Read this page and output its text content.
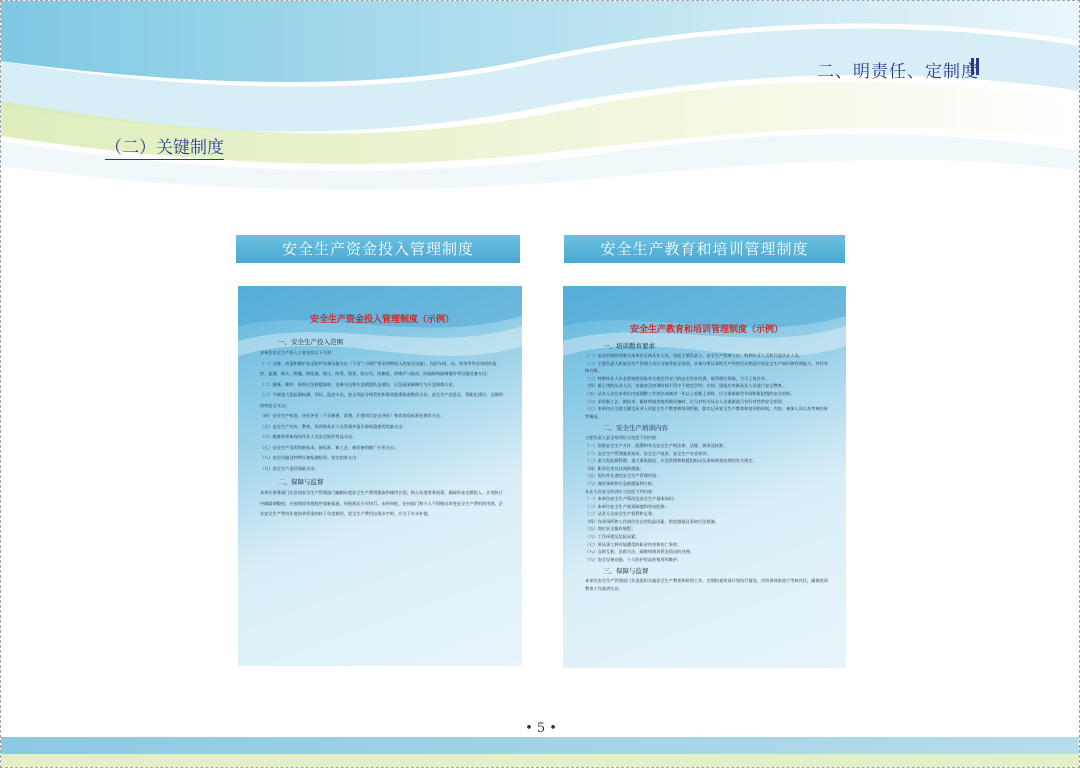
二、明责任、定制度
（二）关键制度
安全生产资金投入管理制度
安全生产资金投入管理制度（示例）
一、安全生产投入范围

本单位安全生产投入主要包括以下方面：

（一）完善、改造和维护安全防护设备设施支出（不含“三同时”要求初期投入的安全设施），包括车间、站、库房等作业场所的监控、监测、防火、防爆、防坠落、防尘、防毒、防雷、防台风、防触电、防噪声与振动、防辐射和隔离操作等设施设备支出；

（二）配备、维护、保养应急救援器材、设备支出和应急救援队伍建设、应急预案制修订与应急演练支出；

（三）开展重大危险源检测、评估、监控支出，安全风险分级管控和事故隐患排查整改支出，安全生产信息化、智能化建设、运维和网络安全支出；

（四）安全生产检查、评估评价（不含新建、改建、扩建项目安全评价）和咨询及标准化建设支出；

（五）安全生产宣传、教育、培训和从业人员发现并报告事故隐患的奖励支出；

（六）配备和更新现场作业人员安全防护用品支出；

（七）安全生产适用的新技术、新标准、新工艺、新装备的推广应用支出；

（八）安全设施及特种设备检测检验、检定校准支出；

（九）安全生产责任保险支出；

二、保障与监督

本单位财务部门应会同安全生产管理部门编制年度安全生产费用提取和使用计划，纳入年度财务预算，确保资金足额投入。计划执行中确需调整的，应按照原审批程序重新报批，经批准后方可执行。未经审批，任何部门和个人不得擅自改变安全生产费用的用途。企业安全生产费用年度结余资金结转下年度使用，安全生产费用出现赤字的，应当于年末补提。

安全生产教育和培训管理制度
安全生产教育和培训管理制度（示例）
一、培训教育要求

（一）安全培训的对象为本单位全体从业人员，包括主要负责人、安全生产管理人员、特种作业人员和其他从业人员。

（二）主要负责人和安全生产管理人员应当接受安全培训，具备与所从事的生产经营活动相适应的安全生产知识和管理能力，并经考核合格。

（三）特种作业人员必须按照国家有关规定经专门的安全作业培训，取得相应资格，方可上岗作业。

（四）新上岗的从业人员，岗前安全培训时间不得少于规定学时；车间、班组应对新从业人员进行安全教育。

（五）从业人员在本单位内部调整工作岗位或离岗一年以上重新上岗时，应当重新接受车间和班组级的安全培训。

（六）采用新工艺、新技术、新材料或者使用新设备时，应当对有关从业人员重新进行有针对性的安全培训。

（七）本单位应当建立健全从业人员安全生产教育和培训档案，如实记录安全生产教育和培训的时间、内容、参加人员以及考核结果等情况。

二、安全生产培训内容

主要负责人安全培训应当包括下列内容：

（一）国家安全生产方针、政策和有关安全生产的法律、法规、规章及标准；

（二）安全生产管理基本知识、安全生产技术、安全生产专业知识；

（三）重大危险源管理、重大事故防范、应急管理和救援组织以及事故调查处理的有关规定；

（四）职业危害及其预防措施；

（五）国内外先进的安全生产管理经验；

（六）典型事故和应急救援案例分析。

从业人员安全培训应当包括下列内容：

（一）本单位安全生产情况及安全生产基本知识；

（二）本单位安全生产规章制度和劳动纪律；

（三）从业人员安全生产权利和义务；

（四）作业场所和工作岗位存在的危险因素、防范措施及事故应急措施；

（五）岗位安全操作规程；

（六）工作环境及危险因素；

（七）所从事工种可能遭受的职业伤害和伤亡事故；

（八）自救互救、急救方法、疏散和现场紧急情况的处理；

（九）安全设备设施、个人防护用品的使用和维护。

三、保障与监督

本单位安全生产管理部门负责组织实施安全生产教育和培训工作，定期检查培训计划执行情况，对培训效果进行考核评估，确保培训教育工作落到实处。

• 5 •
